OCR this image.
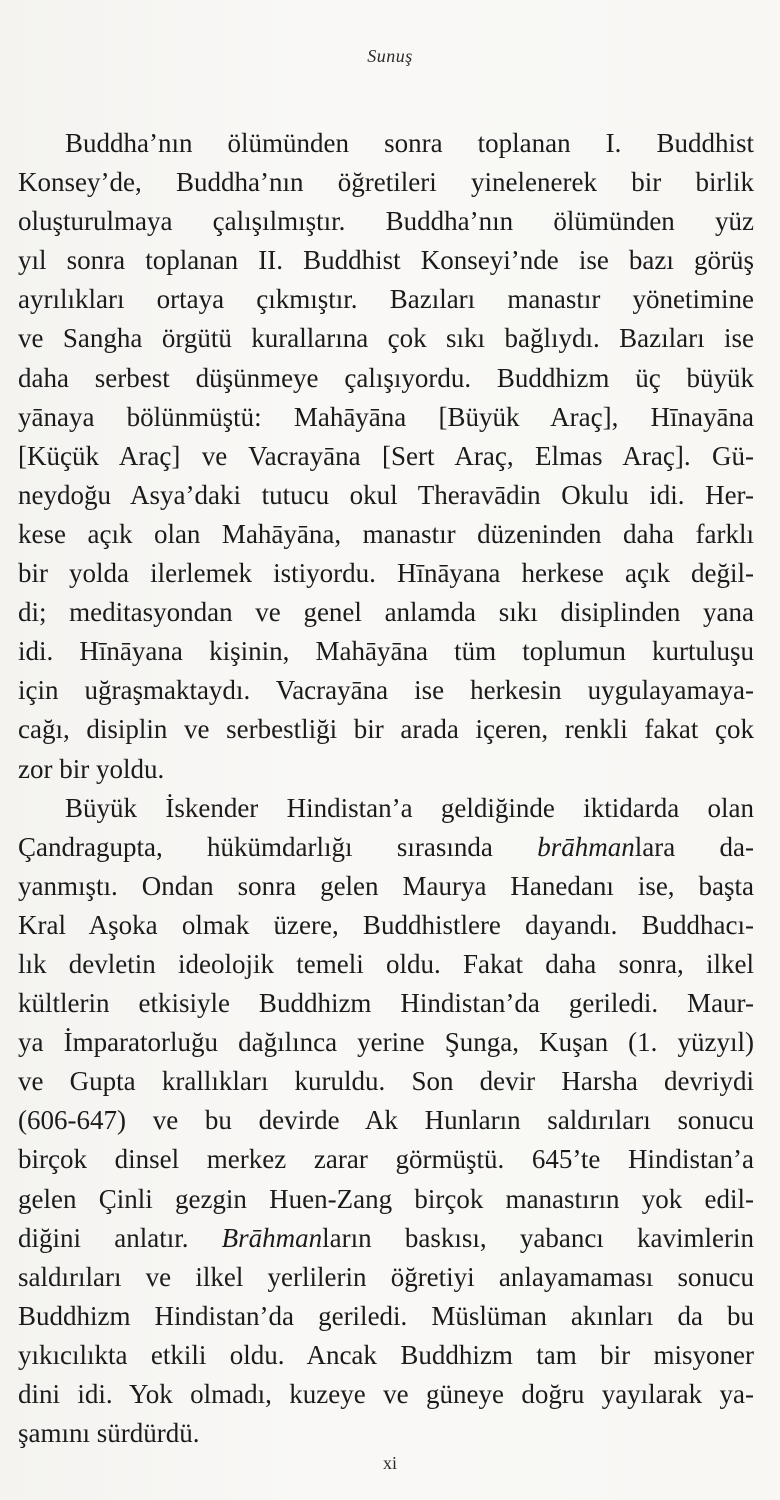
Sunuş
Buddha’nın ölümünden sonra toplanan I. Buddhist
Konsey’de, Buddha’nın öğretileri yinelenerek bir birlik
oluşturulmaya çalışılmıştır. Buddha’nın ölümünden yüz
yıl sonra toplanan II. Buddhist Konseyi’nde ise bazı görüş
ayrılıkları ortaya çıkmıştır. Bazıları manastır yönetimine
ve Sangha örgütü kurallarına çok sıkı bağlıydı. Bazıları ise
daha serbest düşünmeye çalışıyordu. Buddhizm üç büyük
yānaya bölünmüştü: Mahāyāna [Büyük Araç], Hīnayāna
[Küçük Araç] ve Vacrayāna [Sert Araç, Elmas Araç]. Gü-
neydoğu Asya’daki tutucu okul Theravādin Okulu idi. Her-
kese açık olan Mahāyāna, manastır düzeninden daha farklı
bir yolda ilerlemek istiyordu. Hīnāyana herkese açık değil-
di; meditasyondan ve genel anlamda sıkı disiplinden yana
idi. Hīnāyana kişinin, Mahāyāna tüm toplumun kurtuluşu
için uğraşmaktaydı. Vacrayāna ise herkesin uygulayamaya-
cağı, disiplin ve serbestliği bir arada içeren, renkli fakat çok
zor bir yoldu.
Büyük İskender Hindistan’a geldiğinde iktidarda olan
Çandragupta, hükümdarlığı sırasında brāhmanlara da-
yanmıştı. Ondan sonra gelen Maurya Hanedanı ise, başta
Kral Aşoka olmak üzere, Buddhistlere dayandı. Buddhacı-
lık devletin ideolojik temeli oldu. Fakat daha sonra, ilkel
kültlerin etkisiyle Buddhizm Hindistan’da geriledi. Maur-
ya İmparatorluğu dağılınca yerine Şunga, Kuşan (1. yüzyıl)
ve Gupta krallıkları kuruldu. Son devir Harsha devriydi
(606-647) ve bu devirde Ak Hunların saldırıları sonucu
birçok dinsel merkez zarar görmüştü. 645’te Hindistan’a
gelen Çinli gezgin Huen-Zang birçok manastırın yok edil-
diğini anlatır. Brāhmanların baskısı, yabancı kavimlerin
saldırıları ve ilkel yerlilerin öğretiyi anlayamaması sonucu
Buddhizm Hindistan’da geriledi. Müslüman akınları da bu
yıkıcılıkta etkili oldu. Ancak Buddhizm tam bir misyoner
dini idi. Yok olmadı, kuzeye ve güneye doğru yayılarak ya-
şamını sürdürdü.
xi
